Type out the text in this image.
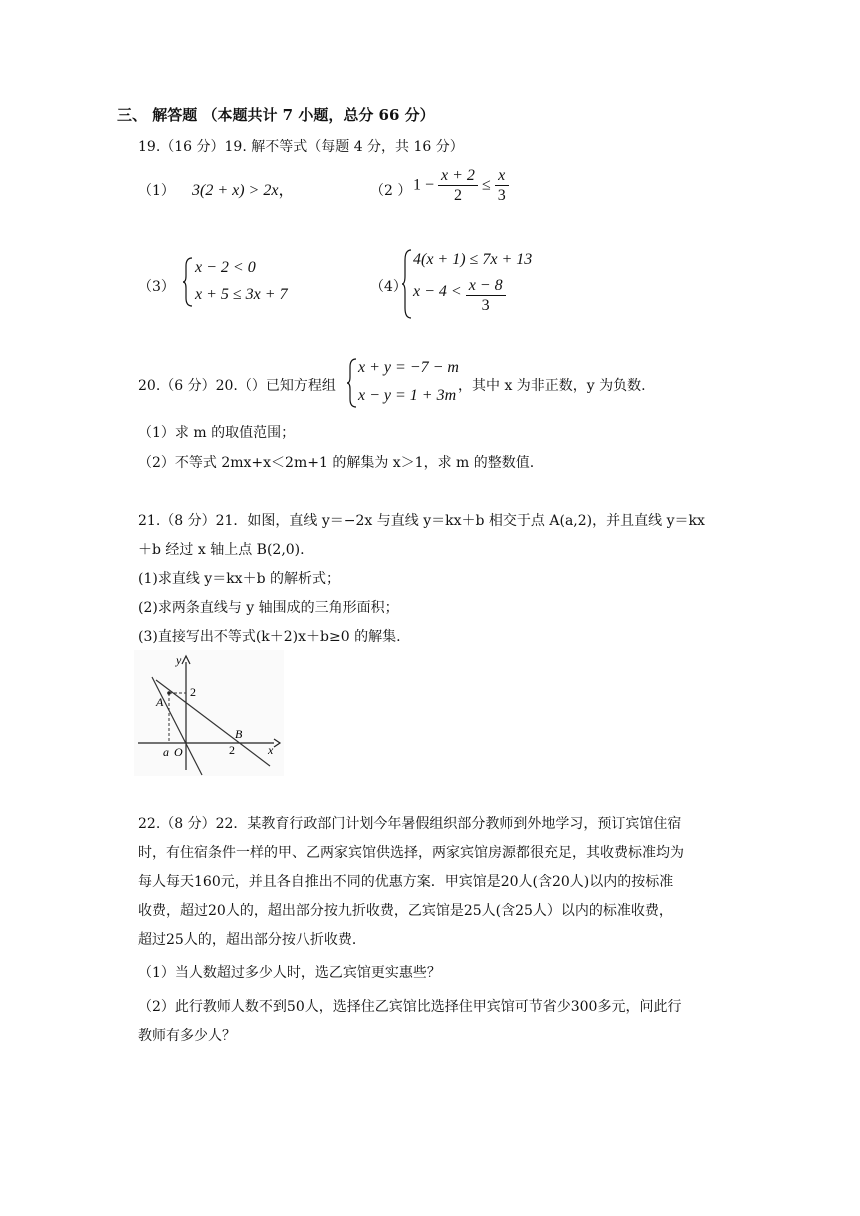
三、 解答题 （本题共计 7 小题，总分 66 分）
19.（16 分）19. 解不等式（每题 4 分，共 16 分）
（1） 3(2 + x) > 2x，	（2 ） $1 - \frac{x + 2}{2} \le \frac{x}{3}$
（3）
x − 2 < 0
x + 5 ≤ 3x + 7	（4）
4(x + 1) ≤ 7x + 13
$x - 4 < \frac{x - 8}{3}$
20.（6 分）20.（）已知方程组
x + y = −7 − m
x − y = 1 + 3m
，其中 x 为非正数，y 为负数.
（1）求 m 的取值范围；
（2）不等式 2mx+x＜2m+1 的解集为 x＞1，求 m 的整数值.
21.（8 分）21．如图，直线 y＝−2x 与直线 y＝kx＋b 相交于点 A(a,2)，并且直线 y＝kx
＋b 经过 x 轴上点 B(2,0).
(1)求直线 y＝kx＋b 的解析式；
(2)求两条直线与 y 轴围成的三角形面积；
(3)直接写出不等式(k＋2)x＋b≥0 的解集.
y
2
A
a O
B
2	x
22.（8 分）22．某教育行政部门计划今年暑假组织部分教师到外地学习，预订宾馆住宿
时，有住宿条件一样的甲、乙两家宾馆供选择，两家宾馆房源都很充足，其收费标准均为
每人每天160元，并且各自推出不同的优惠方案．甲宾馆是20人(含20人)以内的按标准
收费，超过20人的，超出部分按九折收费，乙宾馆是25人(含25人）以内的标准收费，
超过25人的，超出部分按八折收费．
（1）当人数超过多少人时，选乙宾馆更实惠些？
（2）此行教师人数不到50人，选择住乙宾馆比选择住甲宾馆可节省少300多元，问此行
教师有多少人？
